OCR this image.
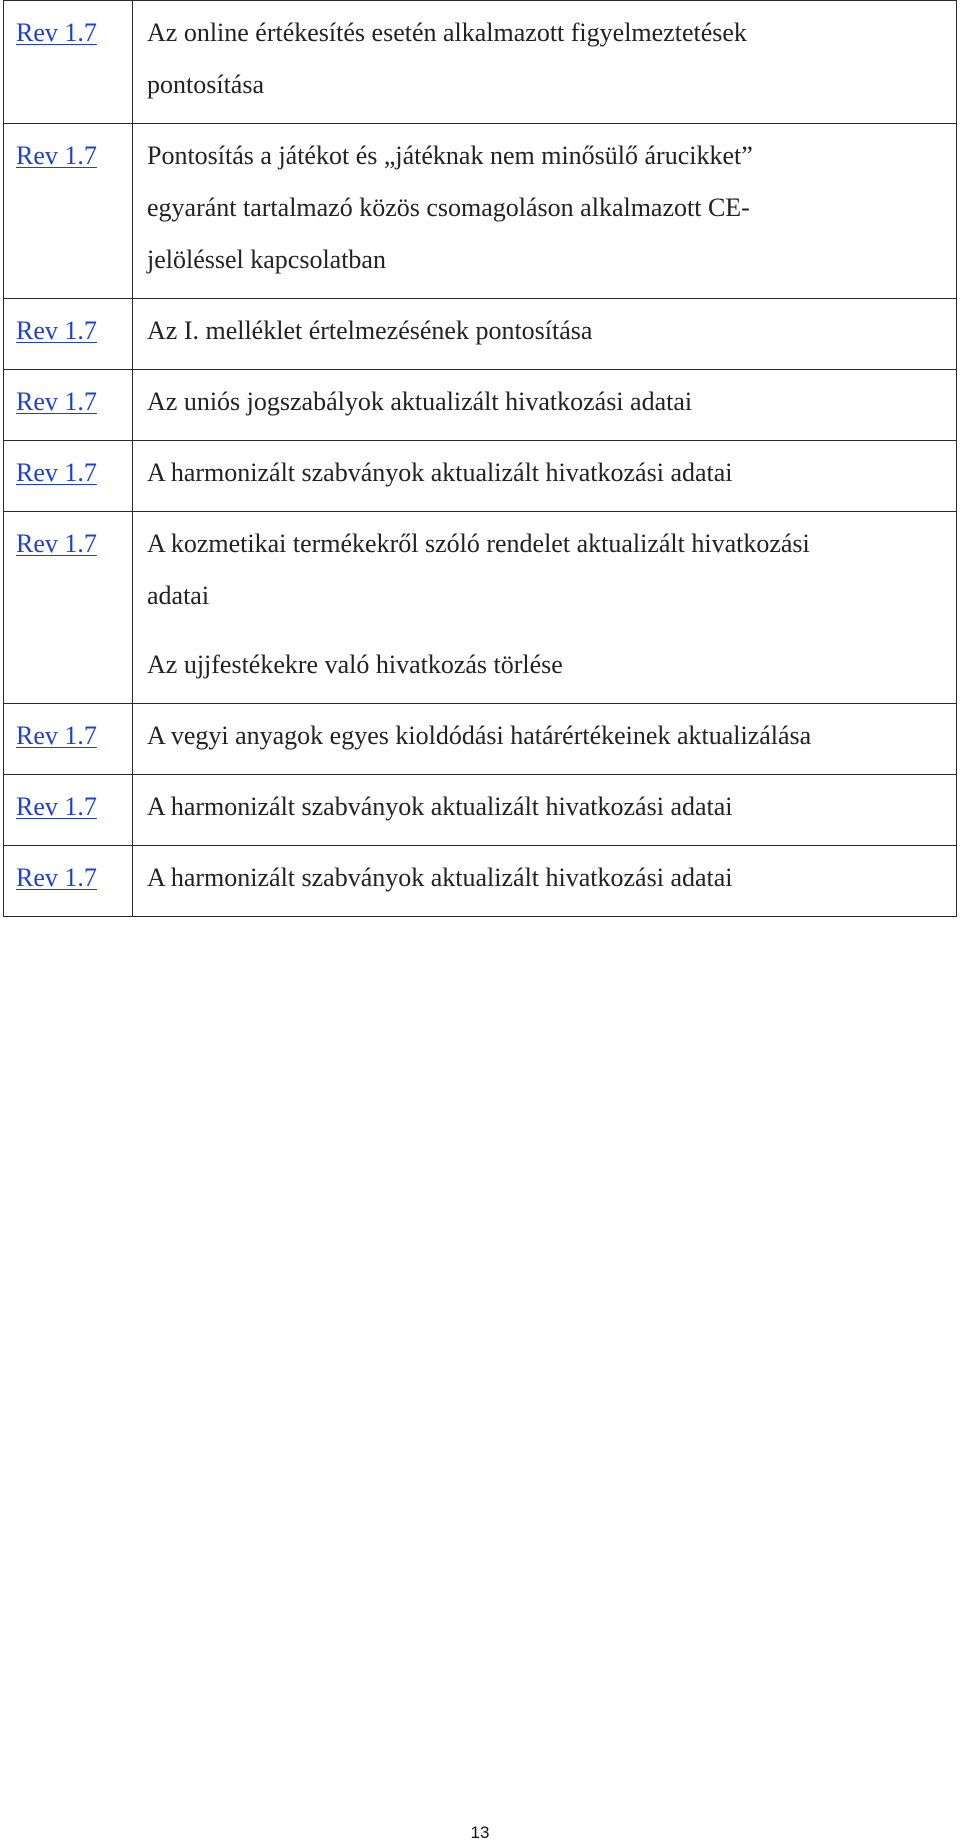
Rev 1.7	Az online értékesítés esetén alkalmazott figyelmeztetések
pontosítása

Rev 1.7	Pontosítás a játékot és „játéknak nem minősülő árucikket”
egyaránt tartalmazó közös csomagoláson alkalmazott CE-
jelöléssel kapcsolatban

Rev 1.7	Az I. melléklet értelmezésének pontosítása

Rev 1.7	Az uniós jogszabályok aktualizált hivatkozási adatai

Rev 1.7	A harmonizált szabványok aktualizált hivatkozási adatai

Rev 1.7	A kozmetikai termékekről szóló rendelet aktualizált hivatkozási
adatai
Az ujjfestékekre való hivatkozás törlése

Rev 1.7	A vegyi anyagok egyes kioldódási határértékeinek aktualizálása

Rev 1.7	A harmonizált szabványok aktualizált hivatkozási adatai

Rev 1.7	A harmonizált szabványok aktualizált hivatkozási adatai
13
